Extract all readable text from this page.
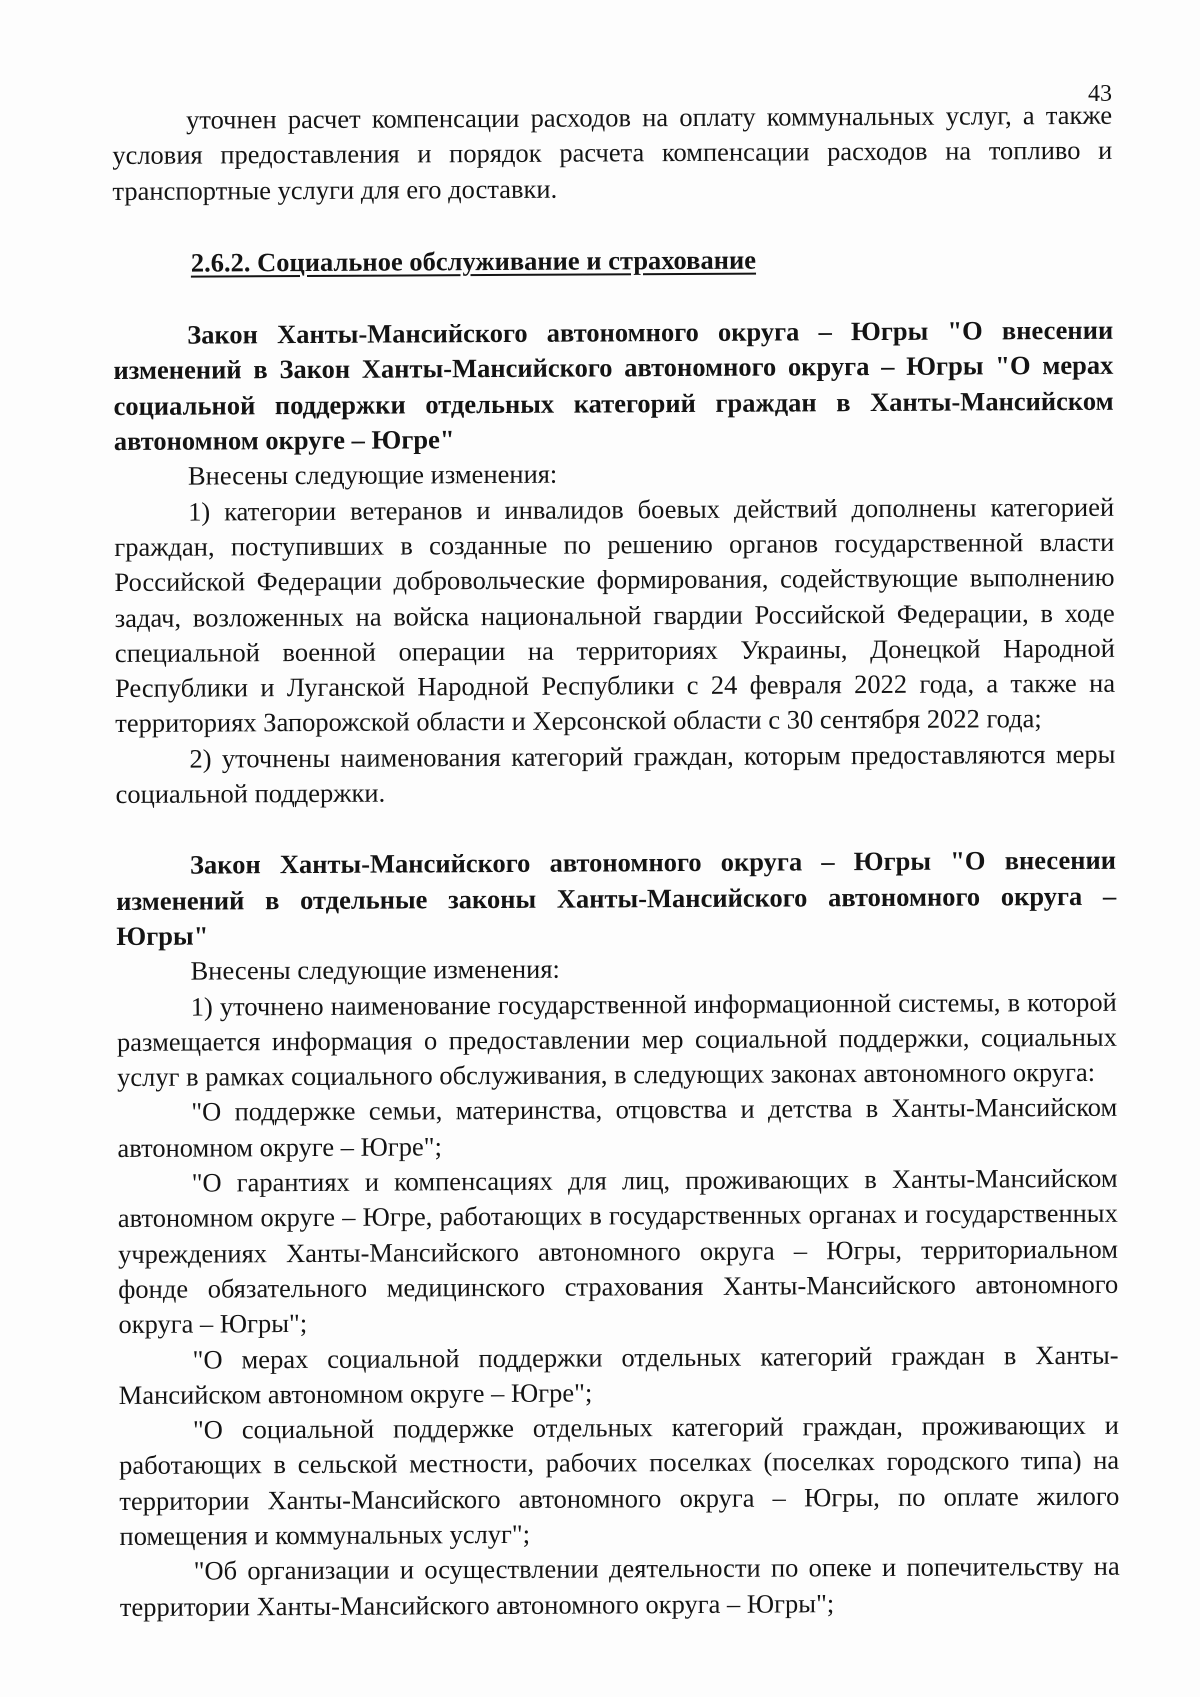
43

уточнен расчет компенсации расходов на оплату коммунальных услуг, а также условия предоставления и порядок расчета компенсации расходов на топливо и транспортные услуги для его доставки.

2.6.2. Социальное обслуживание и страхование

Закон Ханты-Мансийского автономного округа – Югры "О внесении изменений в Закон Ханты-Мансийского автономного округа – Югры "О мерах социальной поддержки отдельных категорий граждан в Ханты-Мансийском автономном округе – Югре"

Внесены следующие изменения:

1) категории ветеранов и инвалидов боевых действий дополнены категорией граждан, поступивших в созданные по решению органов государственной власти Российской Федерации добровольческие формирования, содействующие выполнению задач, возложенных на войска национальной гвардии Российской Федерации, в ходе специальной военной операции на территориях Украины, Донецкой Народной Республики и Луганской Народной Республики с 24 февраля 2022 года, а также на территориях Запорожской области и Херсонской области с 30 сентября 2022 года;

2) уточнены наименования категорий граждан, которым предоставляются меры социальной поддержки.

Закон Ханты-Мансийского автономного округа – Югры "О внесении изменений в отдельные законы Ханты-Мансийского автономного округа – Югры"

Внесены следующие изменения:

1) уточнено наименование государственной информационной системы, в которой размещается информация о предоставлении мер социальной поддержки, социальных услуг в рамках социального обслуживания, в следующих законах автономного округа:

"О поддержке семьи, материнства, отцовства и детства в Ханты-Мансийском автономном округе – Югре";

"О гарантиях и компенсациях для лиц, проживающих в Ханты-Мансийском автономном округе – Югре, работающих в государственных органах и государственных учреждениях Ханты-Мансийского автономного округа – Югры, территориальном фонде обязательного медицинского страхования Ханты-Мансийского автономного округа – Югры";

"О мерах социальной поддержки отдельных категорий граждан в Ханты-Мансийском автономном округе – Югре";

"О социальной поддержке отдельных категорий граждан, проживающих и работающих в сельской местности, рабочих поселках (поселках городского типа) на территории Ханты-Мансийского автономного округа – Югры, по оплате жилого помещения и коммунальных услуг";

"Об организации и осуществлении деятельности по опеке и попечительству на территории Ханты-Мансийского автономного округа – Югры";
